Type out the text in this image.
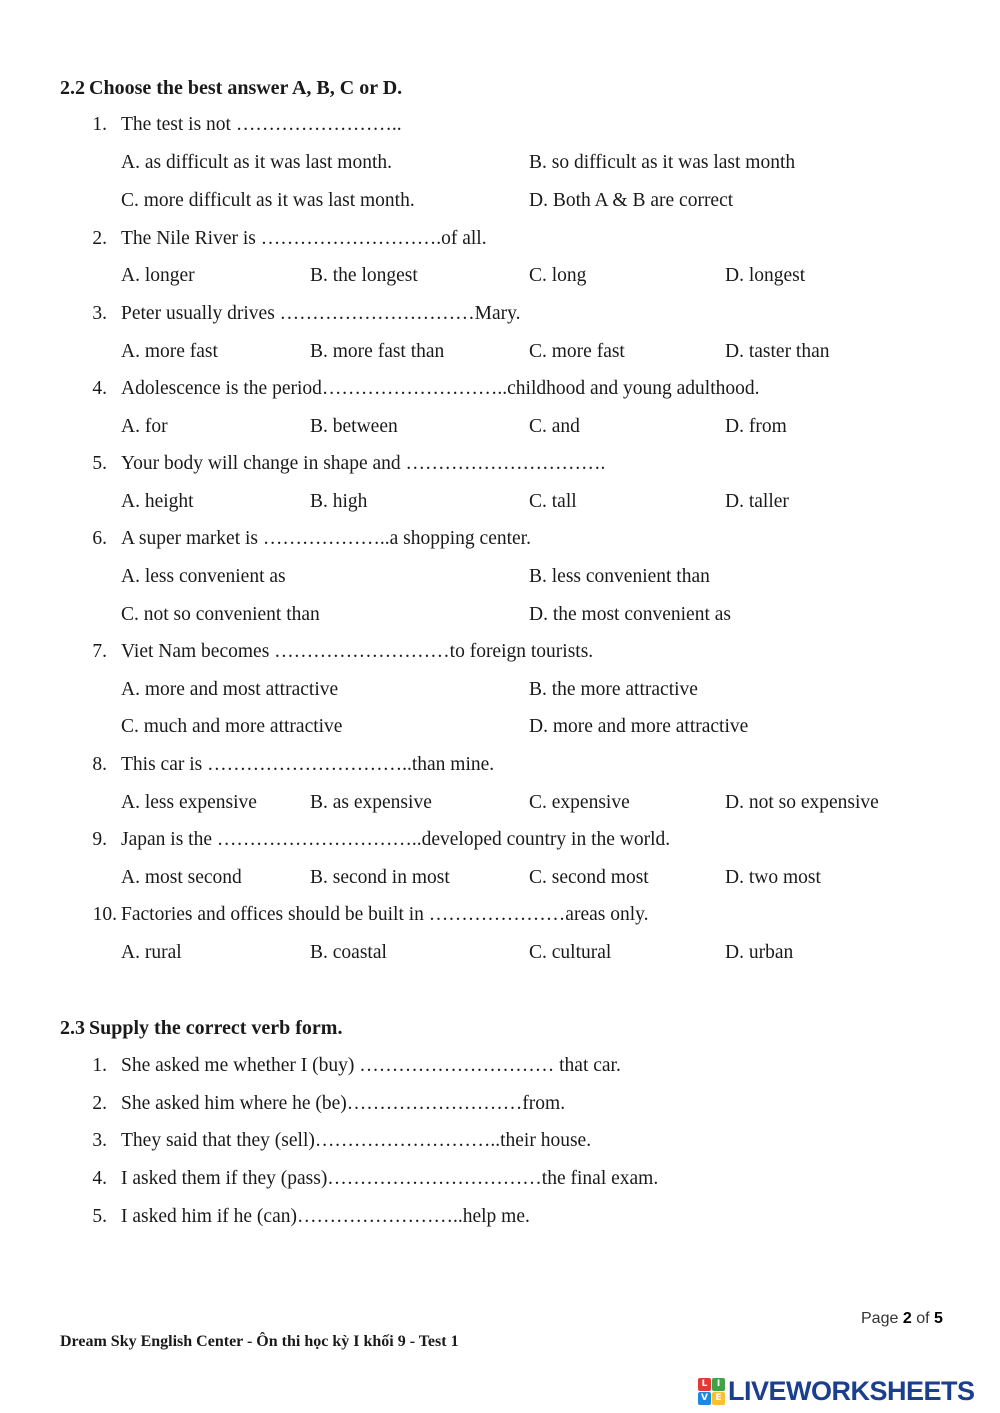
2.2 Choose the best answer A, B, C or D.
1. The test is not ……………………..
A. as difficult as it was last month.	B. so difficult as it was last month
C. more difficult as it was last month.	D. Both A & B are correct
2. The Nile River is ……………………….of all.
A. longer	B. the longest	C. long	D. longest
3. Peter usually drives …………………………Mary.
A. more fast	B. more fast than	C. more fast	D. taster than
4. Adolescence is the period………………………..childhood and young adulthood.
A. for	B. between	C. and	D. from
5. Your body will change in shape and ………………………….
A. height	B. high	C. tall	D. taller
6. A super market is ………………..a shopping center.
A. less convenient as	B. less convenient than
C. not so convenient than	D. the most convenient as
7. Viet Nam becomes ………………………to foreign tourists.
A. more and most attractive	B. the more attractive
C. much and more attractive	D. more and more attractive
8. This car is …………………………..than mine.
A. less expensive	B. as expensive	C. expensive	D. not so expensive
9. Japan is the …………………………..developed country in the world.
A. most second	B. second in most	C. second most	D. two most
10. Factories and offices should be built in …………………areas only.
A. rural	B. coastal	C. cultural	D. urban
2.3 Supply the correct verb form.
1. She asked me whether I (buy) ………………………… that car.
2. She asked him where he (be)………………………from.
3. They said that they (sell)………………………..their house.
4. I asked them if they (pass)……………………………the final exam.
5. I asked him if he (can)……………………..help me.
Page 2 of 5
Dream Sky English Center - Ôn thi học kỳ I khối 9 - Test 1
L	I
V E LIVEWORKSHEETS
